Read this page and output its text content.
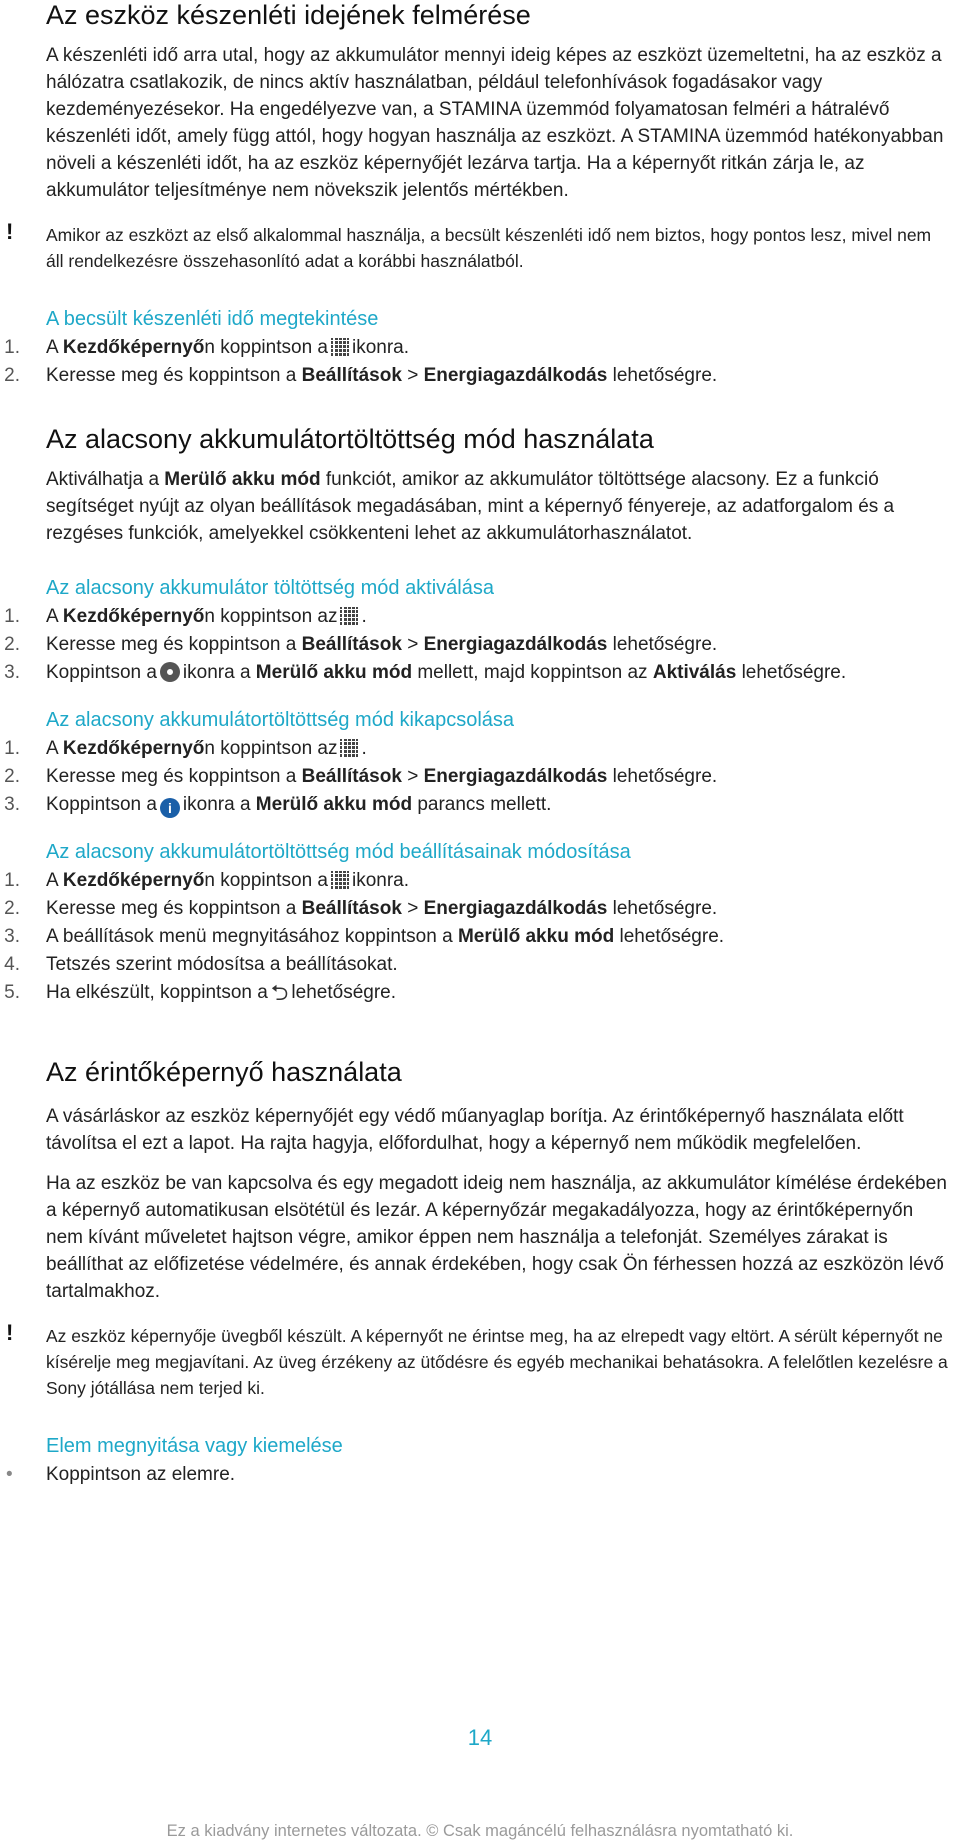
Az eszköz készenléti idejének felmérése

A készenléti idő arra utal, hogy az akkumulátor mennyi ideig képes az eszközt üzemeltetni, ha az eszköz a hálózatra csatlakozik, de nincs aktív használatban, például telefonhívások fogadásakor vagy kezdeményezésekor. Ha engedélyezve van, a STAMINA üzemmód folyamatosan felméri a hátralévő készenléti időt, amely függ attól, hogy hogyan használja az eszközt. A STAMINA üzemmód hatékonyabban növeli a készenléti időt, ha az eszköz képernyőjét lezárva tartja. Ha a képernyőt ritkán zárja le, az akkumulátor teljesítménye nem növekszik jelentős mértékben.

! Amikor az eszközt az első alkalommal használja, a becsült készenléti idő nem biztos, hogy pontos lesz, mivel nem áll rendelkezésre összehasonlító adat a korábbi használatból.
A becsült készenléti idő megtekintése
1. A Kezdőképernyőn koppintson a ikonra.
2. Keresse meg és koppintson a Beállítások > Energiagazdálkodás lehetőségre.
Az alacsony akkumulátortöltöttség mód használata

Aktiválhatja a Merülő akku mód funkciót, amikor az akkumulátor töltöttsége alacsony. Ez a funkció segítséget nyújt az olyan beállítások megadásában, mint a képernyő fényereje, az adatforgalom és a rezgéses funkciók, amelyekkel csökkenteni lehet az akkumulátorhasználatot.

Az alacsony akkumulátor töltöttség mód aktiválása
1. A Kezdőképernyőn koppintson az .
2. Keresse meg és koppintson a Beállítások > Energiagazdálkodás lehetőségre.
3. Koppintson a ikonra a Merülő akku mód mellett, majd koppintson az Aktiválás lehetőségre.
Az alacsony akkumulátortöltöttség mód kikapcsolása
1. A Kezdőképernyőn koppintson az .
2. Keresse meg és koppintson a Beállítások > Energiagazdálkodás lehetőségre.
3. Koppintson a i ikonra a Merülő akku mód parancs mellett.
Az alacsony akkumulátortöltöttség mód beállításainak módosítása
1. A Kezdőképernyőn koppintson a ikonra.
2. Keresse meg és koppintson a Beállítások > Energiagazdálkodás lehetőségre.
3. A beállítások menü megnyitásához koppintson a Merülő akku mód lehetőségre.
4. Tetszés szerint módosítsa a beállításokat.
5. Ha elkészült, koppintson a ⮌ lehetőségre.
Az érintőképernyő használata

A vásárláskor az eszköz képernyőjét egy védő műanyaglap borítja. Az érintőképernyő használata előtt távolítsa el ezt a lapot. Ha rajta hagyja, előfordulhat, hogy a képernyő nem működik megfelelően.

Ha az eszköz be van kapcsolva és egy megadott ideig nem használja, az akkumulátor kímélése érdekében a képernyő automatikusan elsötétül és lezár. A képernyőzár megakadályozza, hogy az érintőképernyőn nem kívánt műveletet hajtson végre, amikor éppen nem használja a telefonját. Személyes zárakat is beállíthat az előfizetése védelmére, és annak érdekében, hogy csak Ön férhessen hozzá az eszközön lévő tartalmakhoz.

! Az eszköz képernyője üvegből készült. A képernyőt ne érintse meg, ha az elrepedt vagy eltört. A sérült képernyőt ne kísérelje meg megjavítani. Az üveg érzékeny az ütődésre és egyéb mechanikai behatásokra. A felelőtlen kezelésre a Sony jótállása nem terjed ki.
Elem megnyitása vagy kiemelése
• Koppintson az elemre.
14
Ez a kiadvány internetes változata. © Csak magáncélú felhasználásra nyomtatható ki.
